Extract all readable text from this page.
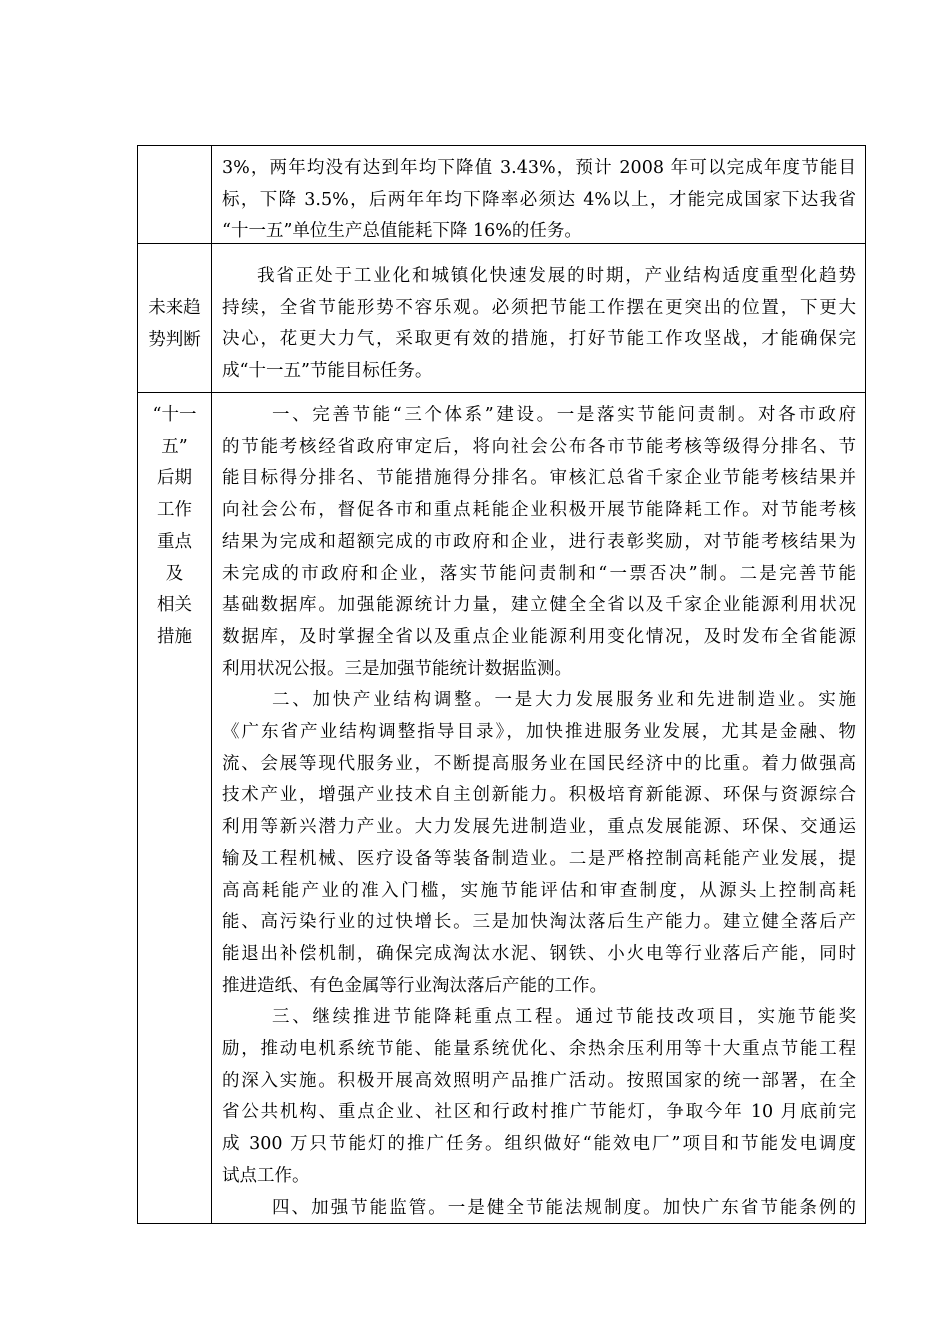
3%，两年均没有达到年均下降值 3.43%，预计 2008 年可以完成年度节能目
标，下降 3.5%，后两年年均下降率必须达 4%以上，才能完成国家下达我省
“十一五”单位生产总值能耗下降 16%的任务。
未来趋
势判断
我省正处于工业化和城镇化快速发展的时期，产业结构适度重型化趋势
持续，全省节能形势不容乐观。必须把节能工作摆在更突出的位置，下更大
决心，花更大力气，采取更有效的措施，打好节能工作攻坚战，才能确保完
成“十一五”节能目标任务。
“十一
五”
后期
工作
重点
及
相关
措施
一、完善节能“三个体系”建设。一是落实节能问责制。对各市政府
的节能考核经省政府审定后，将向社会公布各市节能考核等级得分排名、节
能目标得分排名、节能措施得分排名。审核汇总省千家企业节能考核结果并
向社会公布，督促各市和重点耗能企业积极开展节能降耗工作。对节能考核
结果为完成和超额完成的市政府和企业，进行表彰奖励，对节能考核结果为
未完成的市政府和企业，落实节能问责制和“一票否决”制。二是完善节能
基础数据库。加强能源统计力量，建立健全全省以及千家企业能源利用状况
数据库，及时掌握全省以及重点企业能源利用变化情况，及时发布全省能源
利用状况公报。三是加强节能统计数据监测。
二、加快产业结构调整。一是大力发展服务业和先进制造业。实施
《广东省产业结构调整指导目录》，加快推进服务业发展，尤其是金融、物
流、会展等现代服务业，不断提高服务业在国民经济中的比重。着力做强高
技术产业，增强产业技术自主创新能力。积极培育新能源、环保与资源综合
利用等新兴潜力产业。大力发展先进制造业，重点发展能源、环保、交通运
输及工程机械、医疗设备等装备制造业。二是严格控制高耗能产业发展，提
高高耗能产业的准入门槛，实施节能评估和审查制度，从源头上控制高耗
能、高污染行业的过快增长。三是加快淘汰落后生产能力。建立健全落后产
能退出补偿机制，确保完成淘汰水泥、钢铁、小火电等行业落后产能，同时
推进造纸、有色金属等行业淘汰落后产能的工作。
三、继续推进节能降耗重点工程。通过节能技改项目，实施节能奖
励，推动电机系统节能、能量系统优化、余热余压利用等十大重点节能工程
的深入实施。积极开展高效照明产品推广活动。按照国家的统一部署，在全
省公共机构、重点企业、社区和行政村推广节能灯，争取今年 10 月底前完
成 300 万只节能灯的推广任务。组织做好“能效电厂”项目和节能发电调度
试点工作。
四、加强节能监管。一是健全节能法规制度。加快广东省节能条例的
